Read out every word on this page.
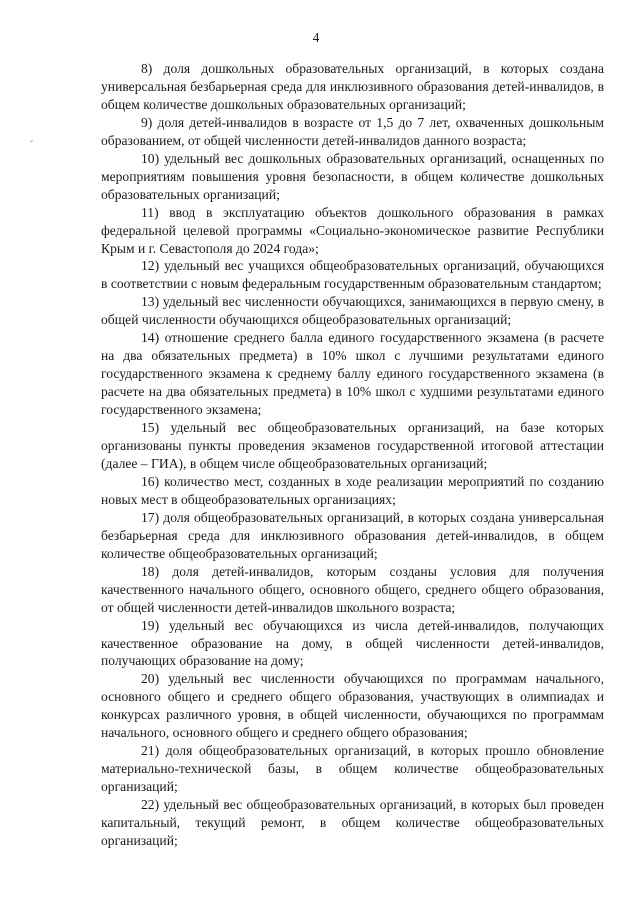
4
˘

8) доля дошкольных образовательных организаций, в которых создана универсальная безбарьерная среда для инклюзивного образования детей-инвалидов, в общем количестве дошкольных образовательных организаций;

9) доля детей-инвалидов в возрасте от 1,5 до 7 лет, охваченных дошкольным образованием, от общей численности детей-инвалидов данного возраста;

10) удельный вес дошкольных образовательных организаций, оснащенных по мероприятиям повышения уровня безопасности, в общем количестве дошкольных образовательных организаций;

11) ввод в эксплуатацию объектов дошкольного образования в рамках федеральной целевой программы «Социально-экономическое развитие Республики Крым и г. Севастополя до 2024 года»;

12) удельный вес учащихся общеобразовательных организаций, обучающихся в соответствии с новым федеральным государственным образовательным стандартом;

13) удельный вес численности обучающихся, занимающихся в первую смену, в общей численности обучающихся общеобразовательных организаций;

14) отношение среднего балла единого государственного экзамена (в расчете на два обязательных предмета) в 10% школ с лучшими результатами единого государственного экзамена к среднему баллу единого государственного экзамена (в расчете на два обязательных предмета) в 10% школ с худшими результатами единого государственного экзамена;

15) удельный вес общеобразовательных организаций, на базе которых организованы пункты проведения экзаменов государственной итоговой аттестации (далее – ГИА), в общем числе общеобразовательных организаций;

16) количество мест, созданных в ходе реализации мероприятий по созданию новых мест в общеобразовательных организациях;

17) доля общеобразовательных организаций, в которых создана универсальная безбарьерная среда для инклюзивного образования детей-инвалидов, в общем количестве общеобразовательных организаций;

18) доля детей-инвалидов, которым созданы условия для получения качественного начального общего, основного общего, среднего общего образования, от общей численности детей-инвалидов школьного возраста;

19) удельный вес обучающихся из числа детей-инвалидов, получающих качественное образование на дому, в общей численности детей-инвалидов, получающих образование на дому;

20) удельный вес численности обучающихся по программам начального, основного общего и среднего общего образования, участвующих в олимпиадах и конкурсах различного уровня, в общей численности, обучающихся по программам начального, основного общего и среднего общего образования;

21) доля общеобразовательных организаций, в которых прошло обновление материально-технической базы, в общем количестве общеобразовательных организаций;

22) удельный вес общеобразовательных организаций, в которых был проведен капитальный, текущий ремонт, в общем количестве общеобразовательных организаций;
